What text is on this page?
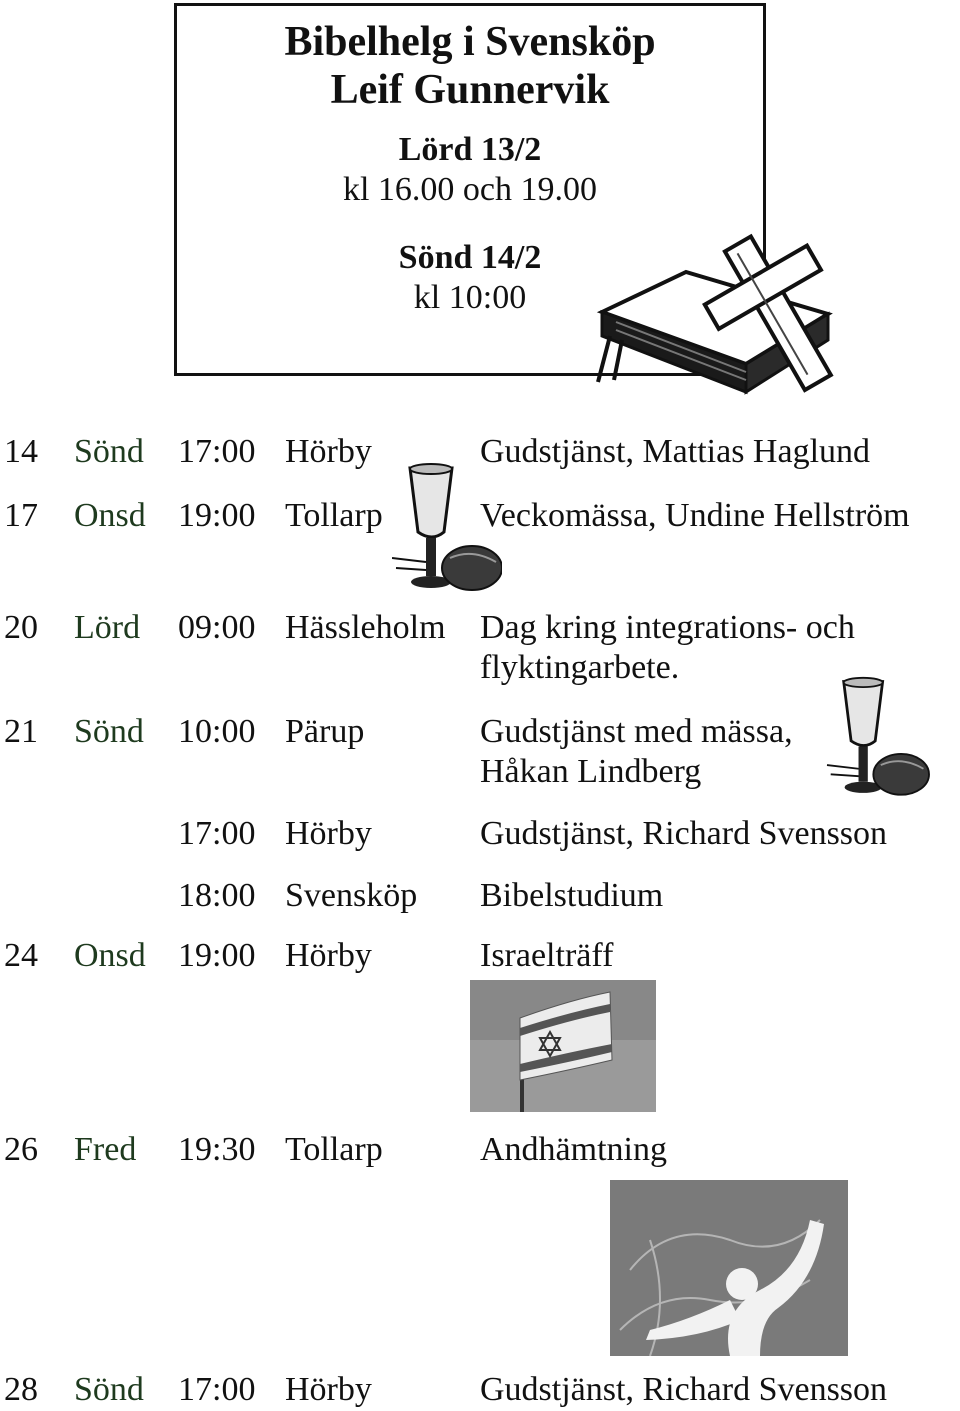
Bibelhelg i Svensköp
Leif Gunnervik
Lörd 13/2
kl 16.00 och 19.00
Sönd 14/2
kl 10:00
14 Sönd 17:00 Hörby	Gudstjänst, Mattias Haglund
17 Onsd 19:00 Tollarp	Veckomässa, Undine Hellström
20 Lörd 09:00 Hässleholm Dag kring integrations- och
flyktingarbete.
21 Sönd 10:00 Pärup	Gudstjänst med mässa,
Håkan Lindberg
17:00 Hörby	Gudstjänst, Richard Svensson
18:00 Svensköp Bibelstudium
24 Onsd 19:00 Hörby	Israelträff
26 Fred 19:30 Tollarp	Andhämtning
28 Sönd 17:00 Hörby	Gudstjänst, Richard Svensson
